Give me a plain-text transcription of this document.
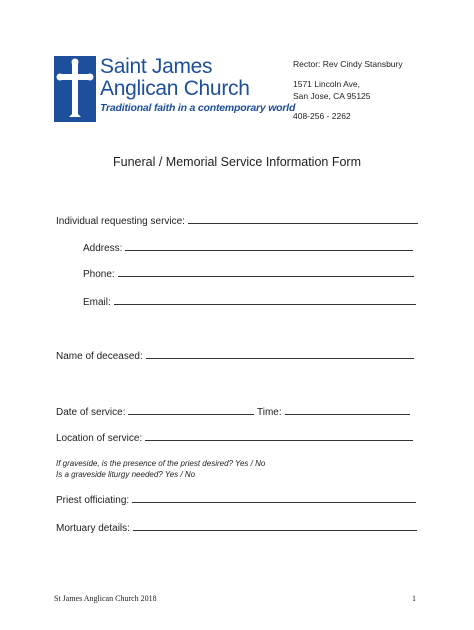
Saint James
Anglican Church
Traditional faith in a contemporary world
Rector: Rev Cindy Stansbury
1571 Lincoln Ave,
San Jose, CA 95125
408-256 - 2262
Funeral / Memorial Service Information Form
Individual requesting service:
Address:
Phone:
Email:
Name of deceased:
Date of service:	Time:
Location of service:
If graveside, is the presence of the priest desired? Yes / No
Is a graveside liturgy needed? Yes / No
Priest officiating:
Mortuary details:
St James Anglican Church 2018	1
